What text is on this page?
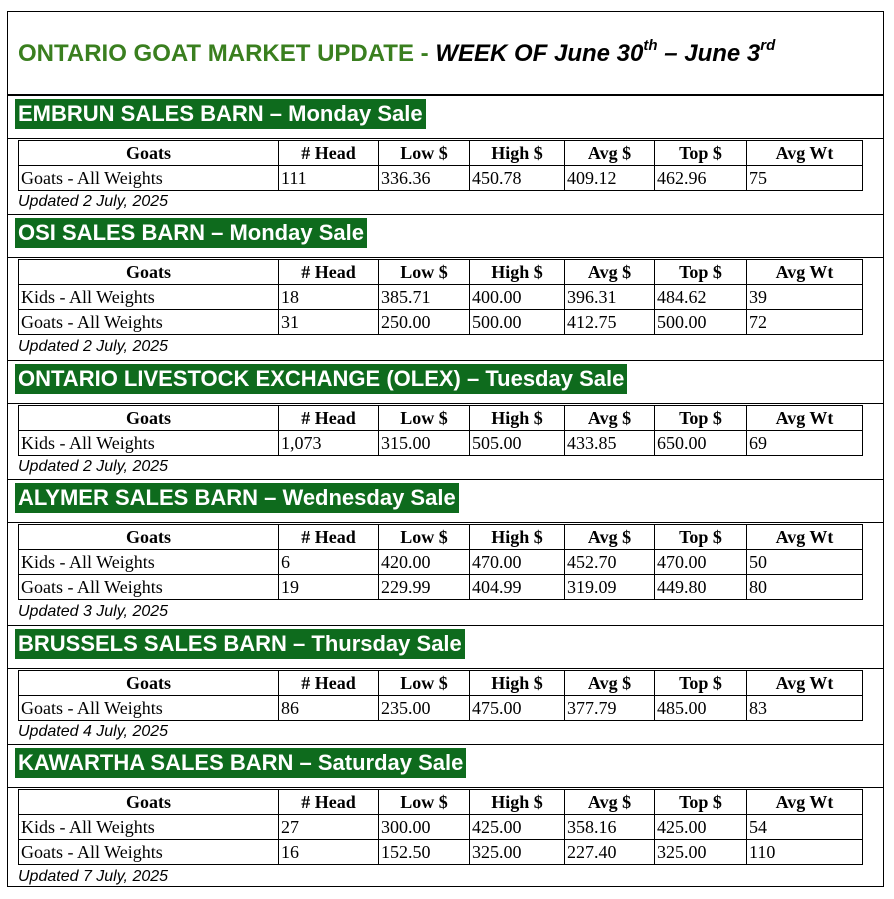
ONTARIO GOAT MARKET UPDATE - WEEK OF June 30th – June 3rd
EMBRUN SALES BARN – Monday Sale
Goats	# Head	Low $	High $	Avg $	Top $	Avg Wt
Goats - All Weights	111	336.36	450.78	409.12	462.96	75
Updated 2 July, 2025
OSI SALES BARN – Monday Sale
Goats	# Head	Low $	High $	Avg $	Top $	Avg Wt
Kids - All Weights	18	385.71	400.00	396.31	484.62	39
Goats - All Weights	31	250.00	500.00	412.75	500.00	72
Updated 2 July, 2025
ONTARIO LIVESTOCK EXCHANGE (OLEX) – Tuesday Sale
Goats	# Head	Low $	High $	Avg $	Top $	Avg Wt
Kids - All Weights	1,073	315.00	505.00	433.85	650.00	69
Updated 2 July, 2025
ALYMER SALES BARN – Wednesday Sale
Goats	# Head	Low $	High $	Avg $	Top $	Avg Wt
Kids - All Weights	6	420.00	470.00	452.70	470.00	50
Goats - All Weights	19	229.99	404.99	319.09	449.80	80
Updated 3 July, 2025
BRUSSELS SALES BARN – Thursday Sale
Goats	# Head	Low $	High $	Avg $	Top $	Avg Wt
Goats - All Weights	86	235.00	475.00	377.79	485.00	83
Updated 4 July, 2025
KAWARTHA SALES BARN – Saturday Sale
Goats	# Head	Low $	High $	Avg $	Top $	Avg Wt
Kids - All Weights	27	300.00	425.00	358.16	425.00	54
Goats - All Weights	16	152.50	325.00	227.40	325.00	110
Updated 7 July, 2025
